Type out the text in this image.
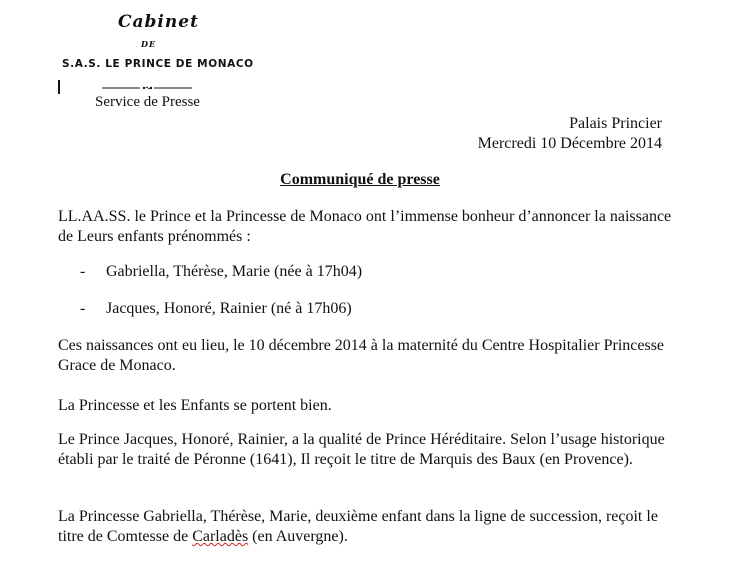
Cabinet
DE
S.A.S. LE PRINCE DE MONACO
Service de Presse
Palais Princier
Mercredi 10 Décembre 2014
Communiqué de presse
LL.AA.SS. le Prince et la Princesse de Monaco ont l’immense bonheur d’annoncer la naissance de Leurs enfants prénommés :
- Gabriella, Thérèse, Marie (née à 17h04)
- Jacques, Honoré, Rainier (né à 17h06)
Ces naissances ont eu lieu, le 10 décembre 2014 à la maternité du Centre Hospitalier Princesse Grace de Monaco.
La Princesse et les Enfants se portent bien.
Le Prince Jacques, Honoré, Rainier, a la qualité de Prince Héréditaire. Selon l’usage historique établi par le traité de Péronne (1641), Il reçoit le titre de Marquis des Baux (en Provence).
La Princesse Gabriella, Thérèse, Marie, deuxième enfant dans la ligne de succession, reçoit le titre de Comtesse de Carladès (en Auvergne).
